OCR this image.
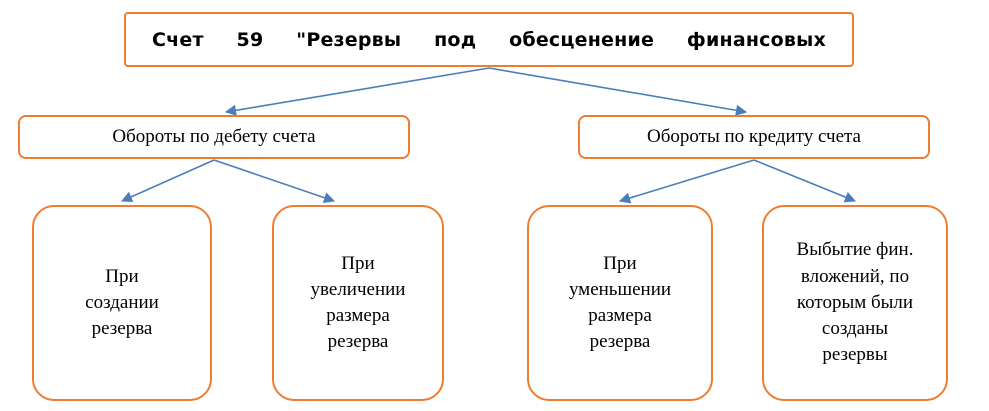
Счет 59 "Резервы под обесценение финансовых
Обороты по дебету счета	Обороты по кредиту счета
При
создании
резерва
При
увеличении
размера
резерва
При
уменьшении
размера
резерва
Выбытие фин.
вложений, по
которым были
созданы
резервы
